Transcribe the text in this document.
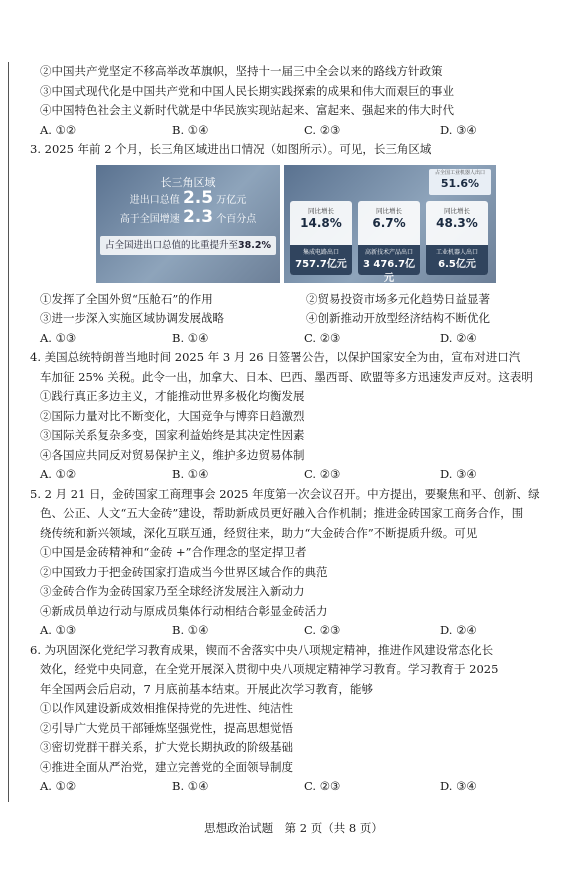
②中国共产党坚定不移高举改革旗帜，坚持十一届三中全会以来的路线方针政策
③中国式现代化是中国共产党和中国人民长期实践探索的成果和伟大而艰巨的事业
④中国特色社会主义新时代就是中华民族实现站起来、富起来、强起来的伟大时代
A. ①②	B. ①④	C. ②③	D. ③④
3. 2025 年前 2 个月，长三角区域进出口情况（如图所示）。可见，长三角区域
长三角区域
进出口总值 2.5 万亿元
高于全国增速 2.3 个百分点
占全国进出口总值的比重提升至38.2%
占全国工业机器人出口
51.6%
同比增长
14.8%
集成电路出口
757.7亿元
同比增长
6.7%
高新技术产品出口
3 476.7亿元
同比增长
48.3%
工业机器人出口
6.5亿元
①发挥了全国外贸“压舱石”的作用	②贸易投资市场多元化趋势日益显著
③进一步深入实施区域协调发展战略	④创新推动开放型经济结构不断优化
A. ①③	B. ①④	C. ②③	D. ②④
4. 美国总统特朗普当地时间 2025 年 3 月 26 日签署公告，以保护国家安全为由，宣布对进口汽
车加征 25% 关税。此令一出，加拿大、日本、巴西、墨西哥、欧盟等多方迅速发声反对。这表明
①践行真正多边主义，才能推动世界多极化均衡发展
②国际力量对比不断变化，大国竞争与博弈日趋激烈
③国际关系复杂多变，国家利益始终是其决定性因素
④各国应共同反对贸易保护主义，维护多边贸易体制
A. ①②	B. ①④	C. ②③	D. ③④
5. 2 月 21 日，金砖国家工商理事会 2025 年度第一次会议召开。中方提出，要聚焦和平、创新、绿
色、公正、人文“五大金砖”建设，帮助新成员更好融入合作机制；推进金砖国家工商务合作，围
绕传统和新兴领域，深化互联互通，经贸往来，助力“大金砖合作”不断提质升级。可见
①中国是金砖精神和“金砖 +”合作理念的坚定捍卫者
②中国致力于把金砖国家打造成当今世界区域合作的典范
③金砖合作为金砖国家乃至全球经济发展注入新动力
④新成员单边行动与原成员集体行动相结合彰显金砖活力
A. ①③	B. ①④	C. ②③	D. ②④
6. 为巩固深化党纪学习教育成果，锲而不舍落实中央八项规定精神，推进作风建设常态化长
效化，经党中央同意，在全党开展深入贯彻中央八项规定精神学习教育。学习教育于 2025
年全国两会后启动，7 月底前基本结束。开展此次学习教育，能够
①以作风建设新成效相推保持党的先进性、纯洁性
②引导广大党员干部锤炼坚强党性，提高思想觉悟
③密切党群干群关系，扩大党长期执政的阶级基础
④推进全面从严治党，建立完善党的全面领导制度
A. ①②	B. ①④	C. ②③	D. ③④
思想政治试题　第 2 页（共 8 页）
